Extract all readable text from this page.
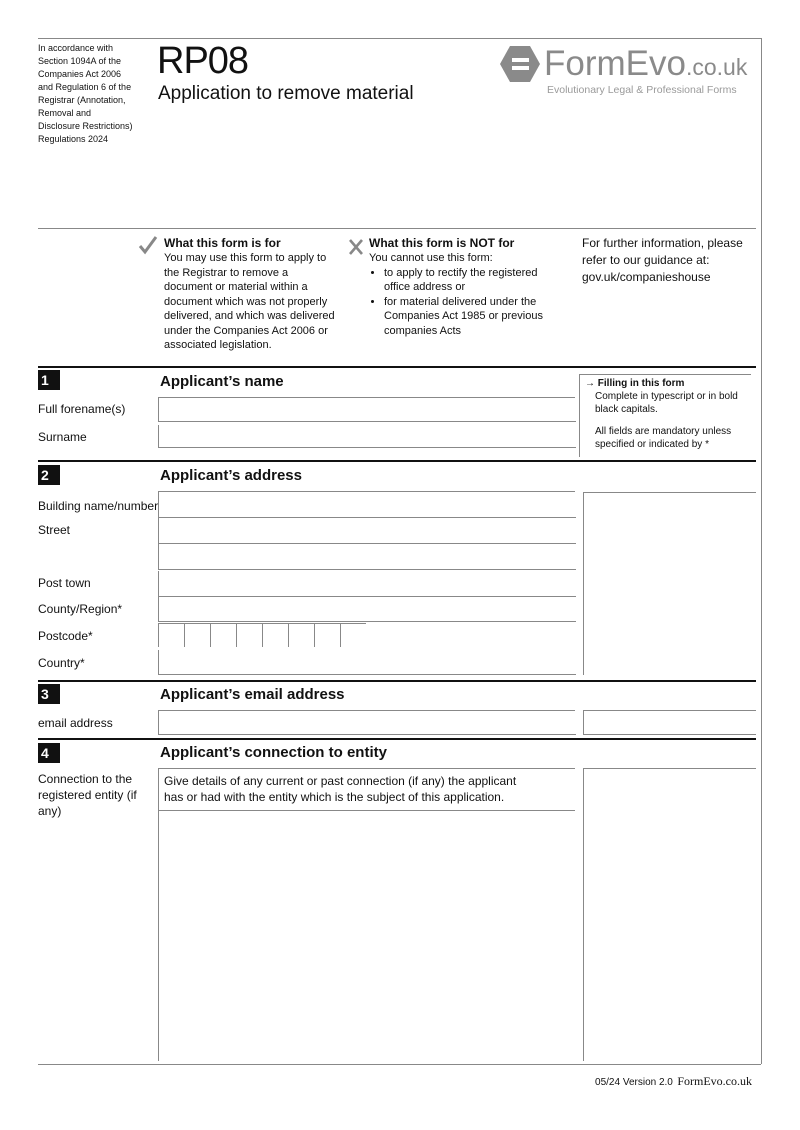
In accordance with
Section 1094A of the
Companies Act 2006
and Regulation 6 of the
Registrar (Annotation,
Removal and
Disclosure Restrictions)
Regulations 2024
RP08
Application to remove material
FormEvo.co.uk
Evolutionary Legal & Professional Forms
What this form is for
You may use this form to apply to the Registrar to remove a document or material within a document which was not properly delivered, and which was delivered under the Companies Act 2006 or associated legislation.
What this form is NOT for
You cannot use this form:
• to apply to rectify the registered office address or
• for material delivered under the Companies Act 1985 or previous companies Acts
For further information, please refer to our guidance at: gov.uk/companieshouse
1	Applicant’s name
Full forename(s)
Surname
→ Filling in this form
Complete in typescript or in bold black capitals.
All fields are mandatory unless specified or indicated by *
2	Applicant’s address
Building name/number
Street
Post town
County/Region*
Postcode*
Country*
3	Applicant’s email address
email address
4	Applicant’s connection to entity
Connection to the registered entity (if any)
Give details of any current or past connection (if any) the applicant has or had with the entity which is the subject of this application.
05/24 Version 2.0 FormEvo.co.uk
